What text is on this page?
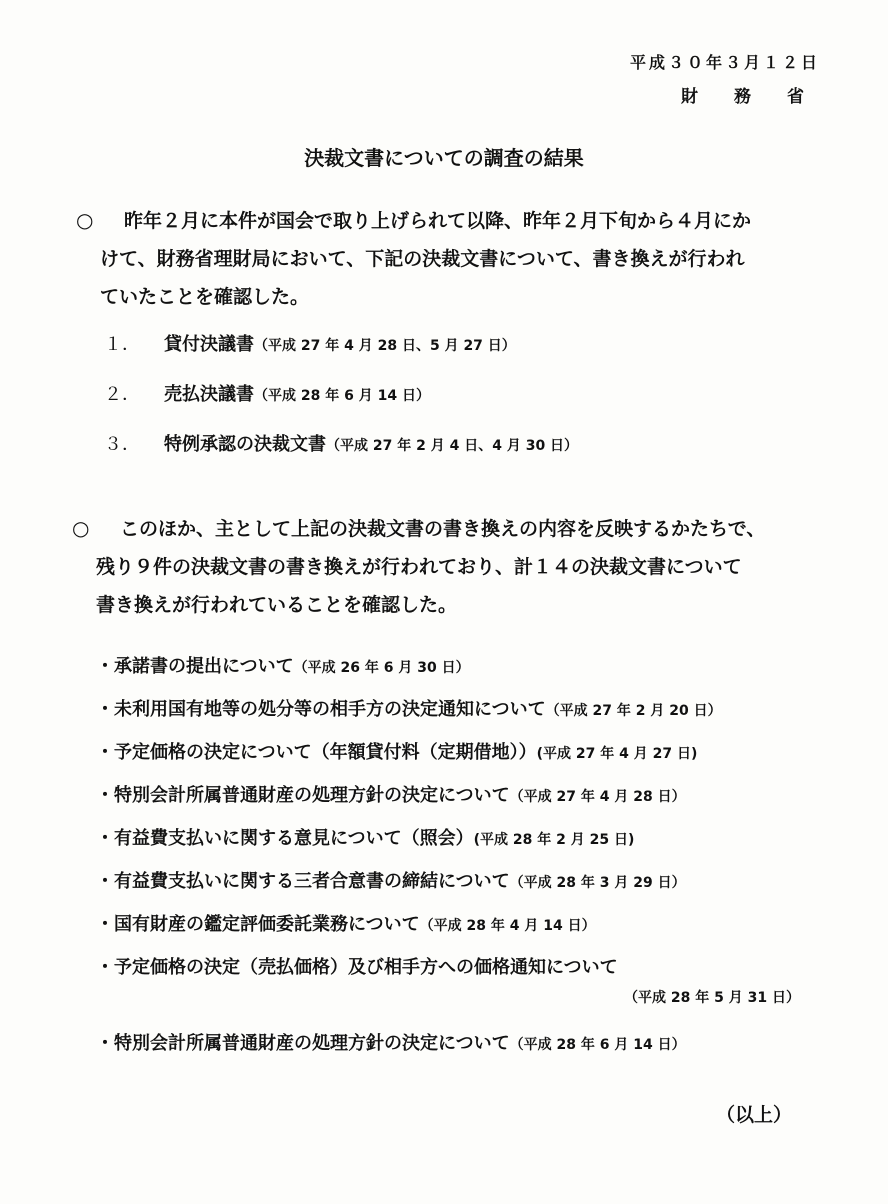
平成３０年３月１２日
財務省
決裁文書についての調査の結果
○ 昨年２月に本件が国会で取り上げられて以降、昨年２月下旬から４月にか
けて、財務省理財局において、下記の決裁文書について、書き換えが行われ
ていたことを確認した。
１． 貸付決議書（平成 27 年 4 月 28 日、5 月 27 日）
２． 売払決議書（平成 28 年 6 月 14 日）
３． 特例承認の決裁文書（平成 27 年 2 月 4 日、4 月 30 日）
○ このほか、主として上記の決裁文書の書き換えの内容を反映するかたちで、
残り９件の決裁文書の書き換えが行われており、計１４の決裁文書について
書き換えが行われていることを確認した。
・承諾書の提出について（平成 26 年 6 月 30 日）
・未利用国有地等の処分等の相手方の決定通知について（平成 27 年 2 月 20 日）
・予定価格の決定について（年額貸付料（定期借地））(平成 27 年 4 月 27 日)
・特別会計所属普通財産の処理方針の決定について（平成 27 年 4 月 28 日）
・有益費支払いに関する意見について（照会）(平成 28 年 2 月 25 日)
・有益費支払いに関する三者合意書の締結について（平成 28 年 3 月 29 日）
・国有財産の鑑定評価委託業務について（平成 28 年 4 月 14 日）
・予定価格の決定（売払価格）及び相手方への価格通知について
（平成 28 年 5 月 31 日）
・特別会計所属普通財産の処理方針の決定について（平成 28 年 6 月 14 日）
（以上）
